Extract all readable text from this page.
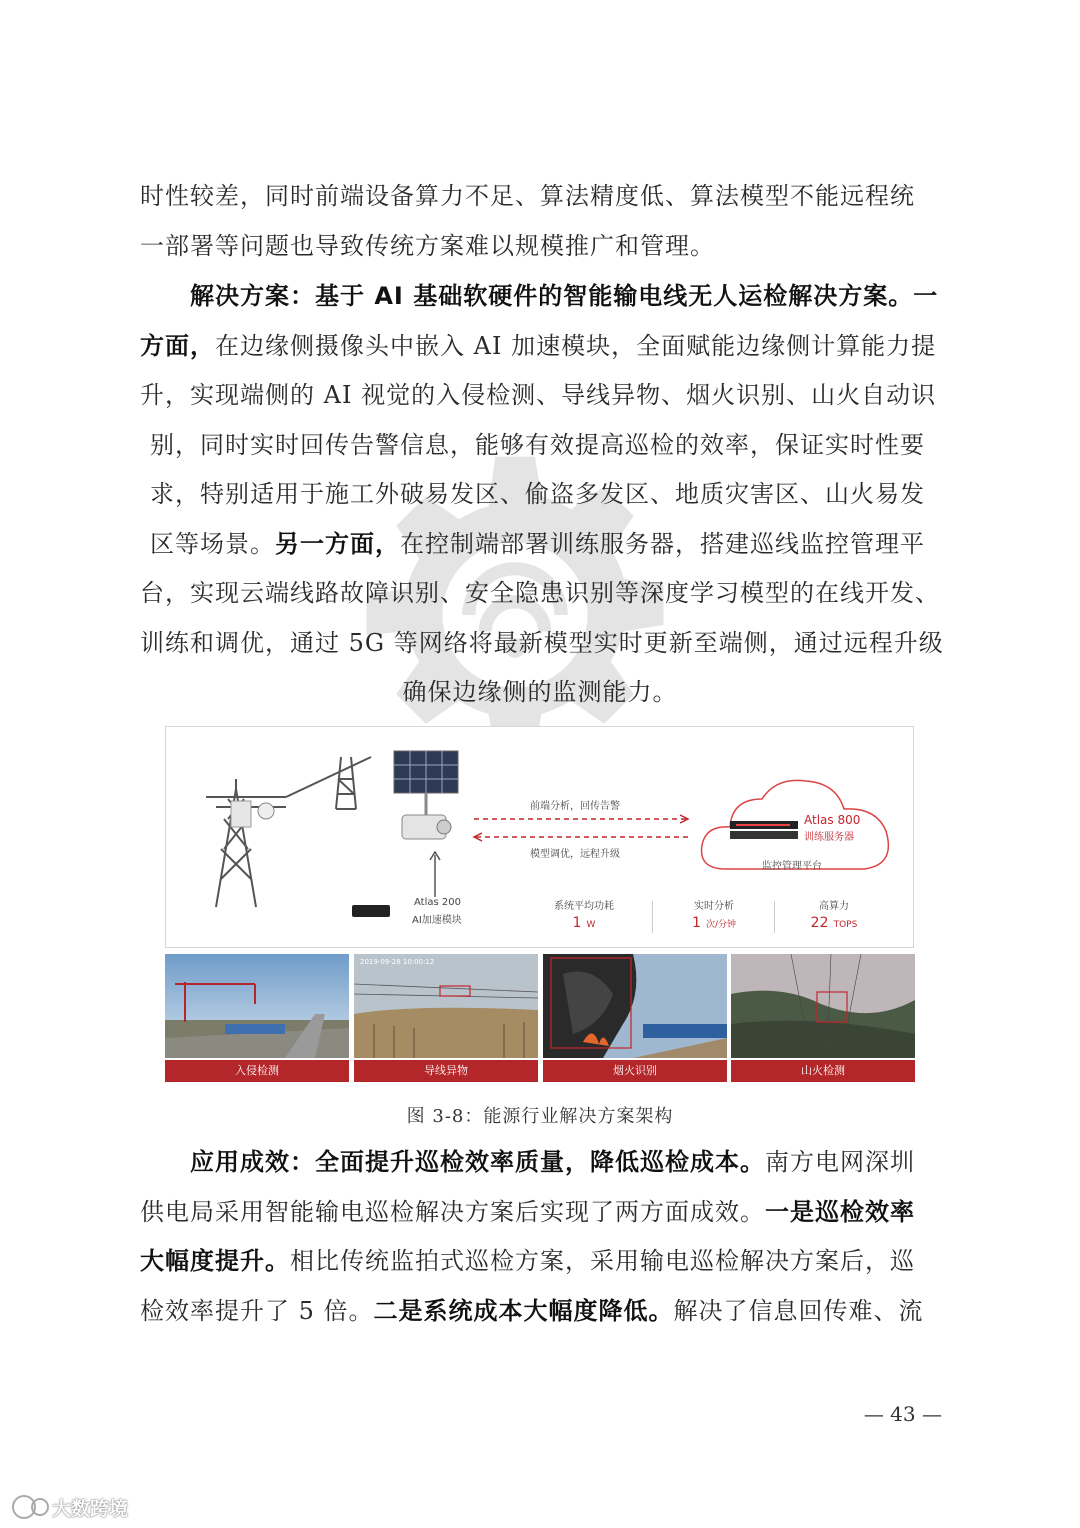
时性较差，同时前端设备算力不足、算法精度低、算法模型不能远程统
一部署等问题也导致传统方案难以规模推广和管理。
解决方案：基于 AI 基础软硬件的智能输电线无人运检解决方案。一
方面，在边缘侧摄像头中嵌入 AI 加速模块，全面赋能边缘侧计算能力提
升，实现端侧的 AI 视觉的入侵检测、导线异物、烟火识别、山火自动识
别，同时实时回传告警信息，能够有效提高巡检的效率，保证实时性要
求，特别适用于施工外破易发区、偷盗多发区、地质灾害区、山火易发
区等场景。另一方面，在控制端部署训练服务器，搭建巡线监控管理平
台，实现云端线路故障识别、安全隐患识别等深度学习模型的在线开发、
训练和调优，通过 5G 等网络将最新模型实时更新至端侧，通过远程升级
确保边缘侧的监测能力。
Atlas 200
AI加速模块
前端分析，回传告警
模型调优，远程升级
Atlas 800
训练服务器
监控管理平台
系统平均功耗
1 W
实时分析
1 次/分钟
高算力
22 TOPS
入侵检测
2019-09-28 10:00:12
导线异物	烟火识别	山火检测
图 3-8：能源行业解决方案架构
应用成效：全面提升巡检效率质量，降低巡检成本。南方电网深圳
供电局采用智能输电巡检解决方案后实现了两方面成效。一是巡检效率
大幅度提升。相比传统监拍式巡检方案，采用输电巡检解决方案后，巡
检效率提升了 5 倍。二是系统成本大幅度降低。解决了信息回传难、流
— 43 —
大数跨境
